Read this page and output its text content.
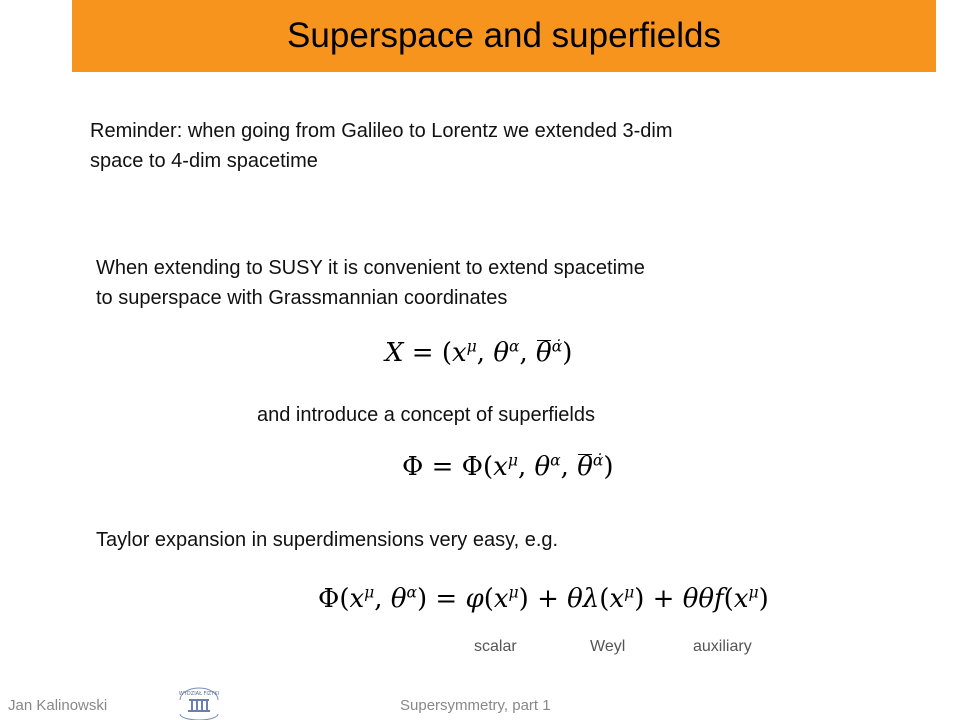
Superspace and superfields
Reminder: when going from Galileo to Lorentz we extended 3-dim
space to 4-dim spacetime
When extending to SUSY it is convenient to extend spacetime
to superspace with Grassmannian coordinates
$X = (x^\mu$, $\theta^\alpha$, $\theta^{\alphȧ}$)
and introduce a concept of superfields
$\Phi = \Phi(x^\mu$, $\theta^\alpha$, $\theta^{\alphȧ}$)
Taylor expansion in superdimensions very easy, e.g.
$\Phi(x^\mu$, $\theta^\alpha) = \varphi(x^\mu) + \theta\lambda(x^\mu) + \theta\theta f(x^\mu)$
scalar	Weyl	auxiliary
Jan Kalinowski
WYDZIAŁ FIZYKI
Supersymmetry, part 1
